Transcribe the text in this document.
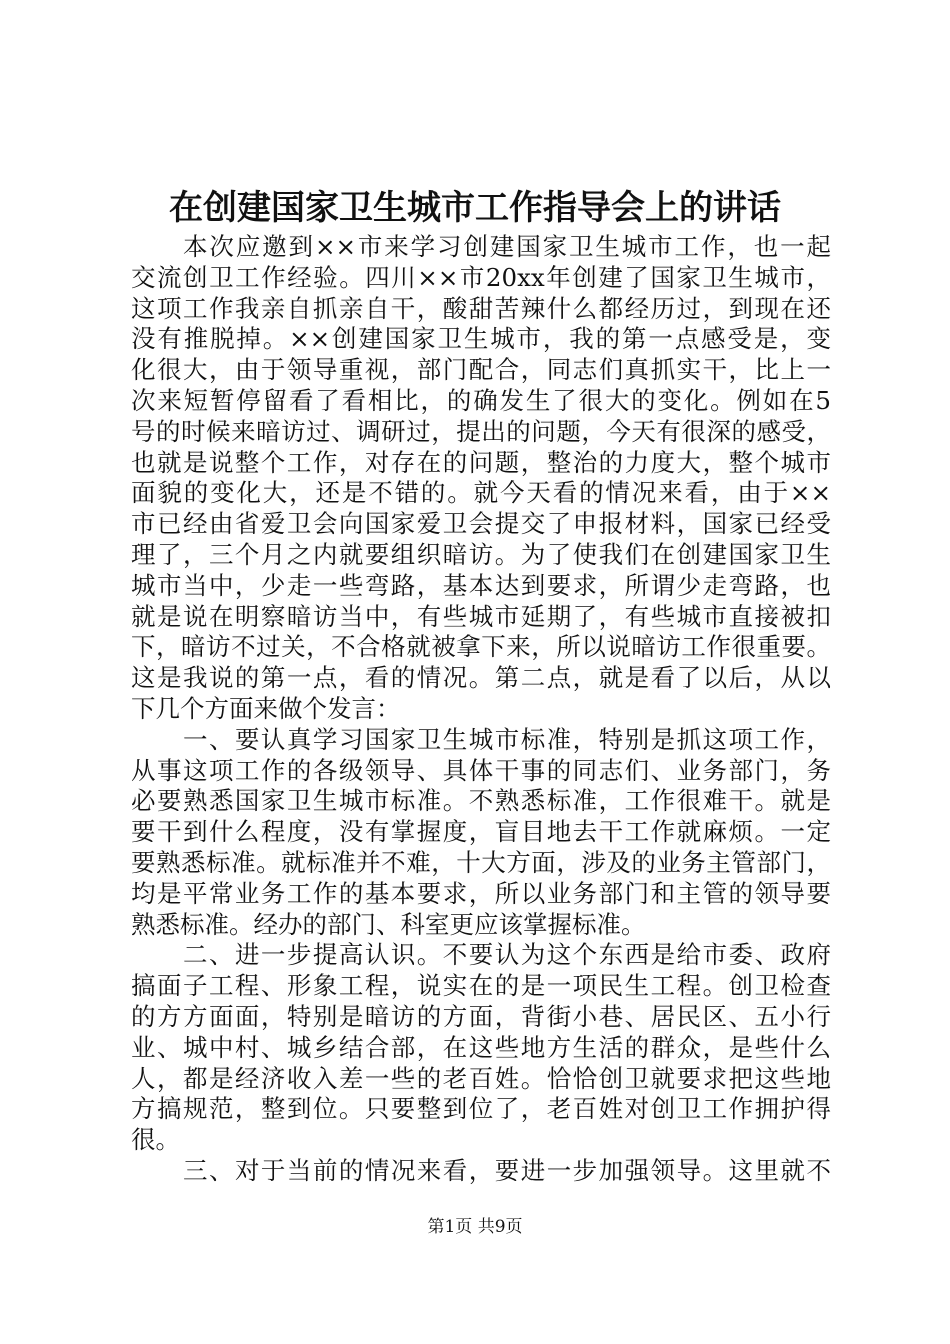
在创建国家卫生城市工作指导会上的讲话
本次应邀到××市来学习创建国家卫生城市工作，也一起
交流创卫工作经验。四川××市20xx年创建了国家卫生城市，
这项工作我亲自抓亲自干，酸甜苦辣什么都经历过，到现在还
没有推脱掉。××创建国家卫生城市，我的第一点感受是，变
化很大，由于领导重视，部门配合，同志们真抓实干，比上一
次来短暂停留看了看相比，的确发生了很大的变化。例如在5
号的时候来暗访过、调研过，提出的问题，今天有很深的感受，
也就是说整个工作，对存在的问题，整治的力度大，整个城市
面貌的变化大，还是不错的。就今天看的情况来看，由于××
市已经由省爱卫会向国家爱卫会提交了申报材料，国家已经受
理了，三个月之内就要组织暗访。为了使我们在创建国家卫生
城市当中，少走一些弯路，基本达到要求，所谓少走弯路，也
就是说在明察暗访当中，有些城市延期了，有些城市直接被扣
下，暗访不过关，不合格就被拿下来，所以说暗访工作很重要。
这是我说的第一点，看的情况。第二点，就是看了以后，从以
下几个方面来做个发言：
一、要认真学习国家卫生城市标准，特别是抓这项工作，
从事这项工作的各级领导、具体干事的同志们、业务部门，务
必要熟悉国家卫生城市标准。不熟悉标准，工作很难干。就是
要干到什么程度，没有掌握度，盲目地去干工作就麻烦。一定
要熟悉标准。就标准并不难，十大方面，涉及的业务主管部门，
均是平常业务工作的基本要求，所以业务部门和主管的领导要
熟悉标准。经办的部门、科室更应该掌握标准。
二、进一步提高认识。不要认为这个东西是给市委、政府
搞面子工程、形象工程，说实在的是一项民生工程。创卫检查
的方方面面，特别是暗访的方面，背街小巷、居民区、五小行
业、城中村、城乡结合部，在这些地方生活的群众，是些什么
人，都是经济收入差一些的老百姓。恰恰创卫就要求把这些地
方搞规范，整到位。只要整到位了，老百姓对创卫工作拥护得
很。
三、对于当前的情况来看，要进一步加强领导。这里就不
第1页 共9页
